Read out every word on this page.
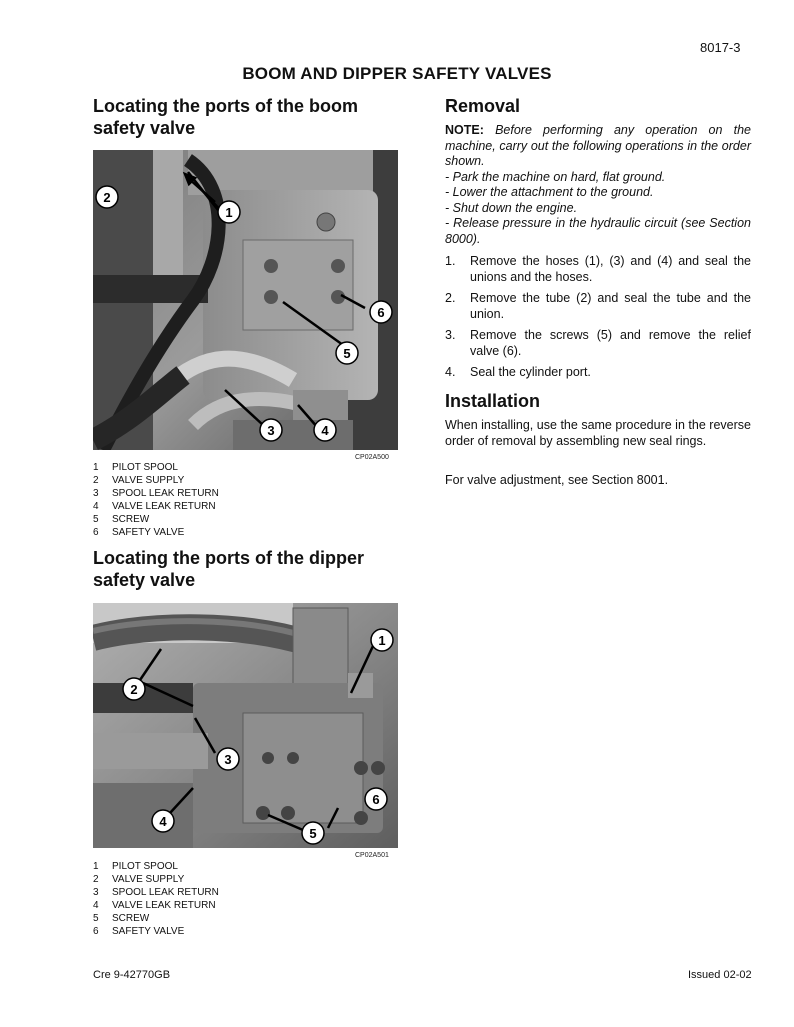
8017-3
BOOM AND DIPPER SAFETY VALVES
Locating the ports of the boom safety valve
1
2
3	4
5
6
CP02A500
1	PILOT SPOOL
2	VALVE SUPPLY
3	SPOOL LEAK RETURN
4	VALVE LEAK RETURN
5	SCREW
6	SAFETY VALVE
Locating the ports of the dipper safety valve
1
2
3
4
5
6
CP02A501
1	PILOT SPOOL
2	VALVE SUPPLY
3	SPOOL LEAK RETURN
4	VALVE LEAK RETURN
5	SCREW
6	SAFETY VALVE
Removal
NOTE: Before performing any operation on the machine, carry out the following operations in the order shown.
- Park the machine on hard, flat ground.
- Lower the attachment to the ground.
- Shut down the engine.
- Release pressure in the hydraulic circuit (see Section 8000).
1.	Remove the hoses (1), (3) and (4) and seal the unions and the hoses.
2.	Remove the tube (2) and seal the tube and the union.
3.	Remove the screws (5) and remove the relief valve (6).
4.	Seal the cylinder port.
Installation
When installing, use the same procedure in the reverse order of removal by assembling new seal rings.
For valve adjustment, see Section 8001.
Cre 9-42770GB	Issued 02-02
